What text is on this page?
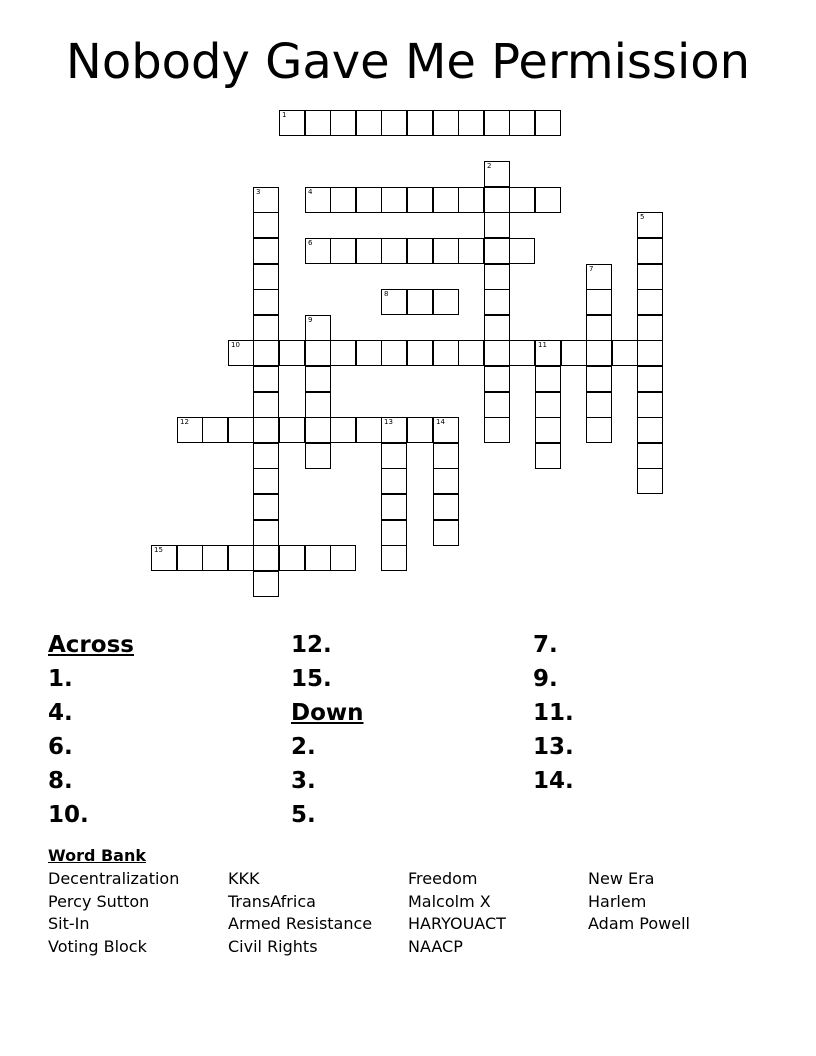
Nobody Gave Me Permission
1
2
3	4
5
6
7
8
9
10	11
12	13	14
15
Across
1.
4.
6.
8.
10.
12.
15.
Down
2.
3.
5.
7.
9.
11.
13.
14.
Word Bank
Decentralization
Percy Sutton
Sit-In
Voting Block
KKK
TransAfrica
Armed Resistance
Civil Rights
Freedom
Malcolm X
HARYOUACT
NAACP
New Era
Harlem
Adam Powell
